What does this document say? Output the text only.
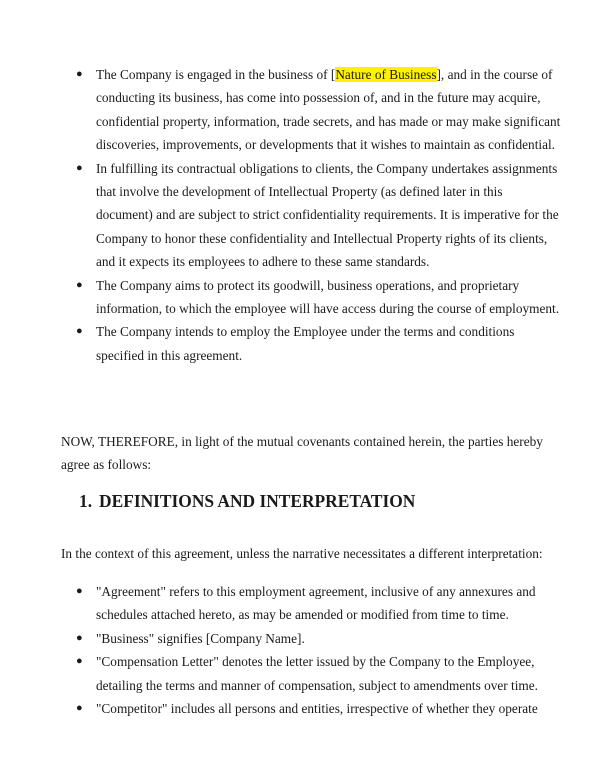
● The Company is engaged in the business of [Nature of Business], and in the course of conducting its business, has come into possession of, and in the future may acquire, confidential property, information, trade secrets, and has made or may make significant discoveries, improvements, or developments that it wishes to maintain as confidential.
● In fulfilling its contractual obligations to clients, the Company undertakes assignments that involve the development of Intellectual Property (as defined later in this document) and are subject to strict confidentiality requirements. It is imperative for the Company to honor these confidentiality and Intellectual Property rights of its clients, and it expects its employees to adhere to these same standards.
● The Company aims to protect its goodwill, business operations, and proprietary information, to which the employee will have access during the course of employment.
● The Company intends to employ the Employee under the terms and conditions specified in this agreement.

NOW, THEREFORE, in light of the mutual covenants contained herein, the parties hereby agree as follows:

1. DEFINITIONS AND INTERPRETATION

In the context of this agreement, unless the narrative necessitates a different interpretation:

● "Agreement" refers to this employment agreement, inclusive of any annexures and schedules attached hereto, as may be amended or modified from time to time.
● "Business" signifies [Company Name].
● "Compensation Letter" denotes the letter issued by the Company to the Employee, detailing the terms and manner of compensation, subject to amendments over time.
● "Competitor" includes all persons and entities, irrespective of whether they operate
